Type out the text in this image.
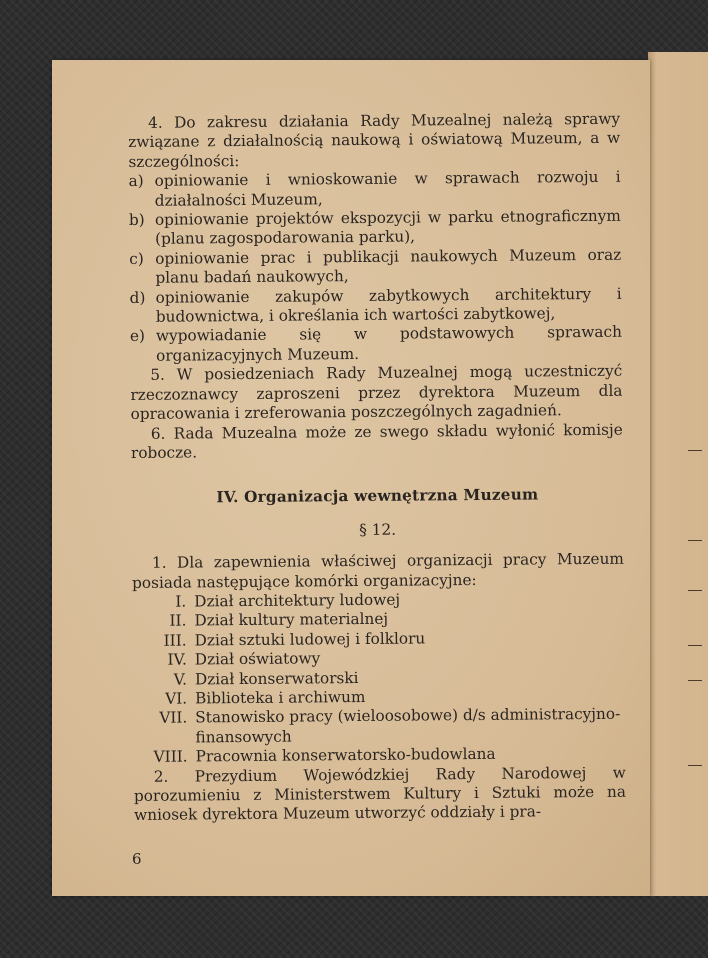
4. Do zakresu działania Rady Muzealnej należą sprawy związane z działalnością naukową i oświatową Muzeum, a w szczególności:

a) opiniowanie i wnioskowanie w sprawach rozwoju i działalności Muzeum,
b) opiniowanie projektów ekspozycji w parku etnograficznym (planu zagospodarowania parku),
c) opiniowanie prac i publikacji naukowych Muzeum oraz planu badań naukowych,
d) opiniowanie zakupów zabytkowych architektury i budownictwa, i określania ich wartości zabytkowej,
e) wypowiadanie się w podstawowych sprawach organizacyjnych Muzeum.

5. W posiedzeniach Rady Muzealnej mogą uczestniczyć rzeczoznawcy zaproszeni przez dyrektora Muzeum dla opracowania i zreferowania poszczególnych zagadnień.

6. Rada Muzealna może ze swego składu wyłonić komisje robocze.

IV. Organizacja wewnętrzna Muzeum
§ 12.

1. Dla zapewnienia właściwej organizacji pracy Muzeum posiada następujące komórki organizacyjne:

I. Dział architektury ludowej
II. Dział kultury materialnej
III. Dział sztuki ludowej i folkloru
IV. Dział oświatowy
V. Dział konserwatorski
VI. Biblioteka i archiwum
VII. Stanowisko pracy (wieloosobowe) d/s administracyjno-finansowych
VIII. Pracownia konserwatorsko-budowlana

2. Prezydium Wojewódzkiej Rady Narodowej w porozumieniu z Ministerstwem Kultury i Sztuki może na wniosek dyrektora Muzeum utworzyć oddziały i pra-

6
